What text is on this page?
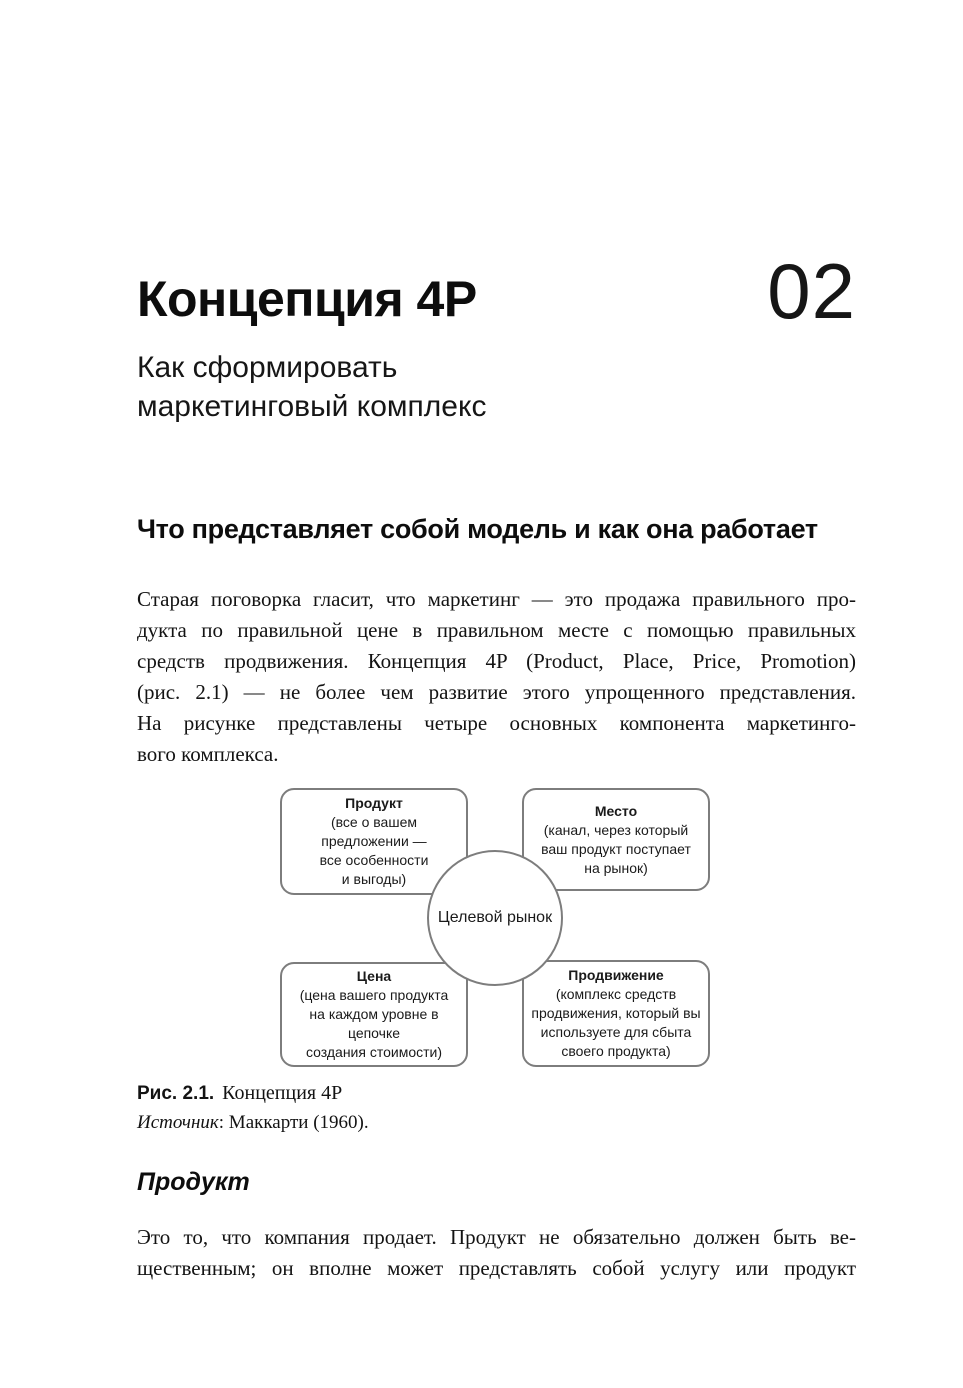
02
Концепция 4P
Как сформировать
маркетинговый комплекс
Что представляет собой модель и как она работает
Старая поговорка гласит, что маркетинг — это продажа правильного про-
дукта по правильной цене в правильном месте с помощью правильных
средств продвижения. Концепция 4P (Product, Place, Price, Promotion)
(рис. 2.1) — не более чем развитие этого упрощенного представления.
На рисунке представлены четыре основных компонента маркетинго-
вого комплекса.
Продукт
(все о вашем
предложении —
все особенности
и выгоды)
Место
(канал, через который
ваш продукт поступает
на рынок)
Цена
(цена вашего продукта
на каждом уровне в цепочке
создания стоимости)
Продвижение
(комплекс средств
продвижения, который вы
используете для сбыта
своего продукта)
Целевой рынок
Рис. 2.1. Концепция 4P
Источник: Маккарти (1960).
Продукт
Это то, что компания продает. Продукт не обязательно должен быть ве-
щественным; он вполне может представлять собой услугу или продукт
